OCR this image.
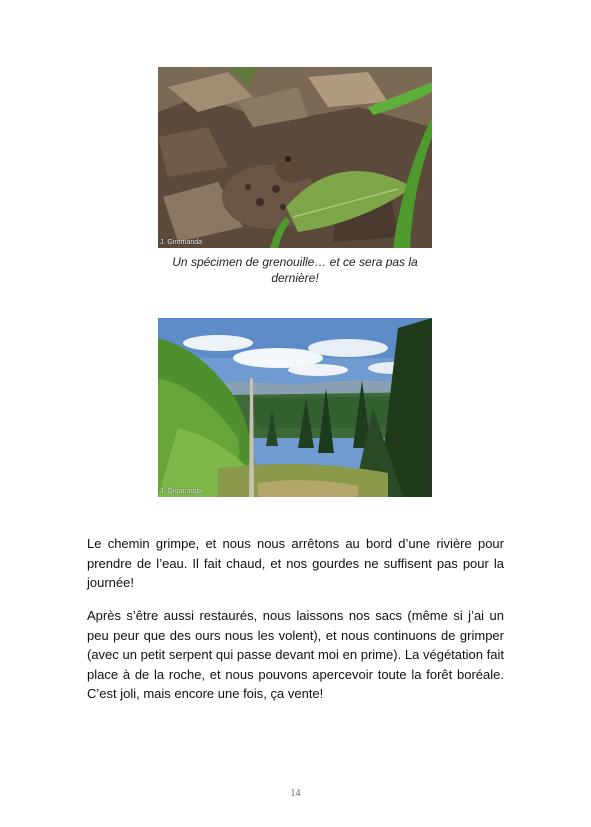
J. Giromanda
Un spécimen de grenouille… et ce sera pas la dernière!
J. Giromanda

Le chemin grimpe, et nous nous arrêtons au bord d’une rivière pour prendre de l’eau. Il fait chaud, et nos gourdes ne suffisent pas pour la journée!

Après s’être aussi restaurés, nous laissons nos sacs (même si j’ai un peu peur que des ours nous les volent), et nous continuons de grimper (avec un petit serpent qui passe devant moi en prime). La végétation fait place à de la roche, et nous pouvons apercevoir toute la forêt boréale. C’est joli, mais encore une fois, ça vente!

14
